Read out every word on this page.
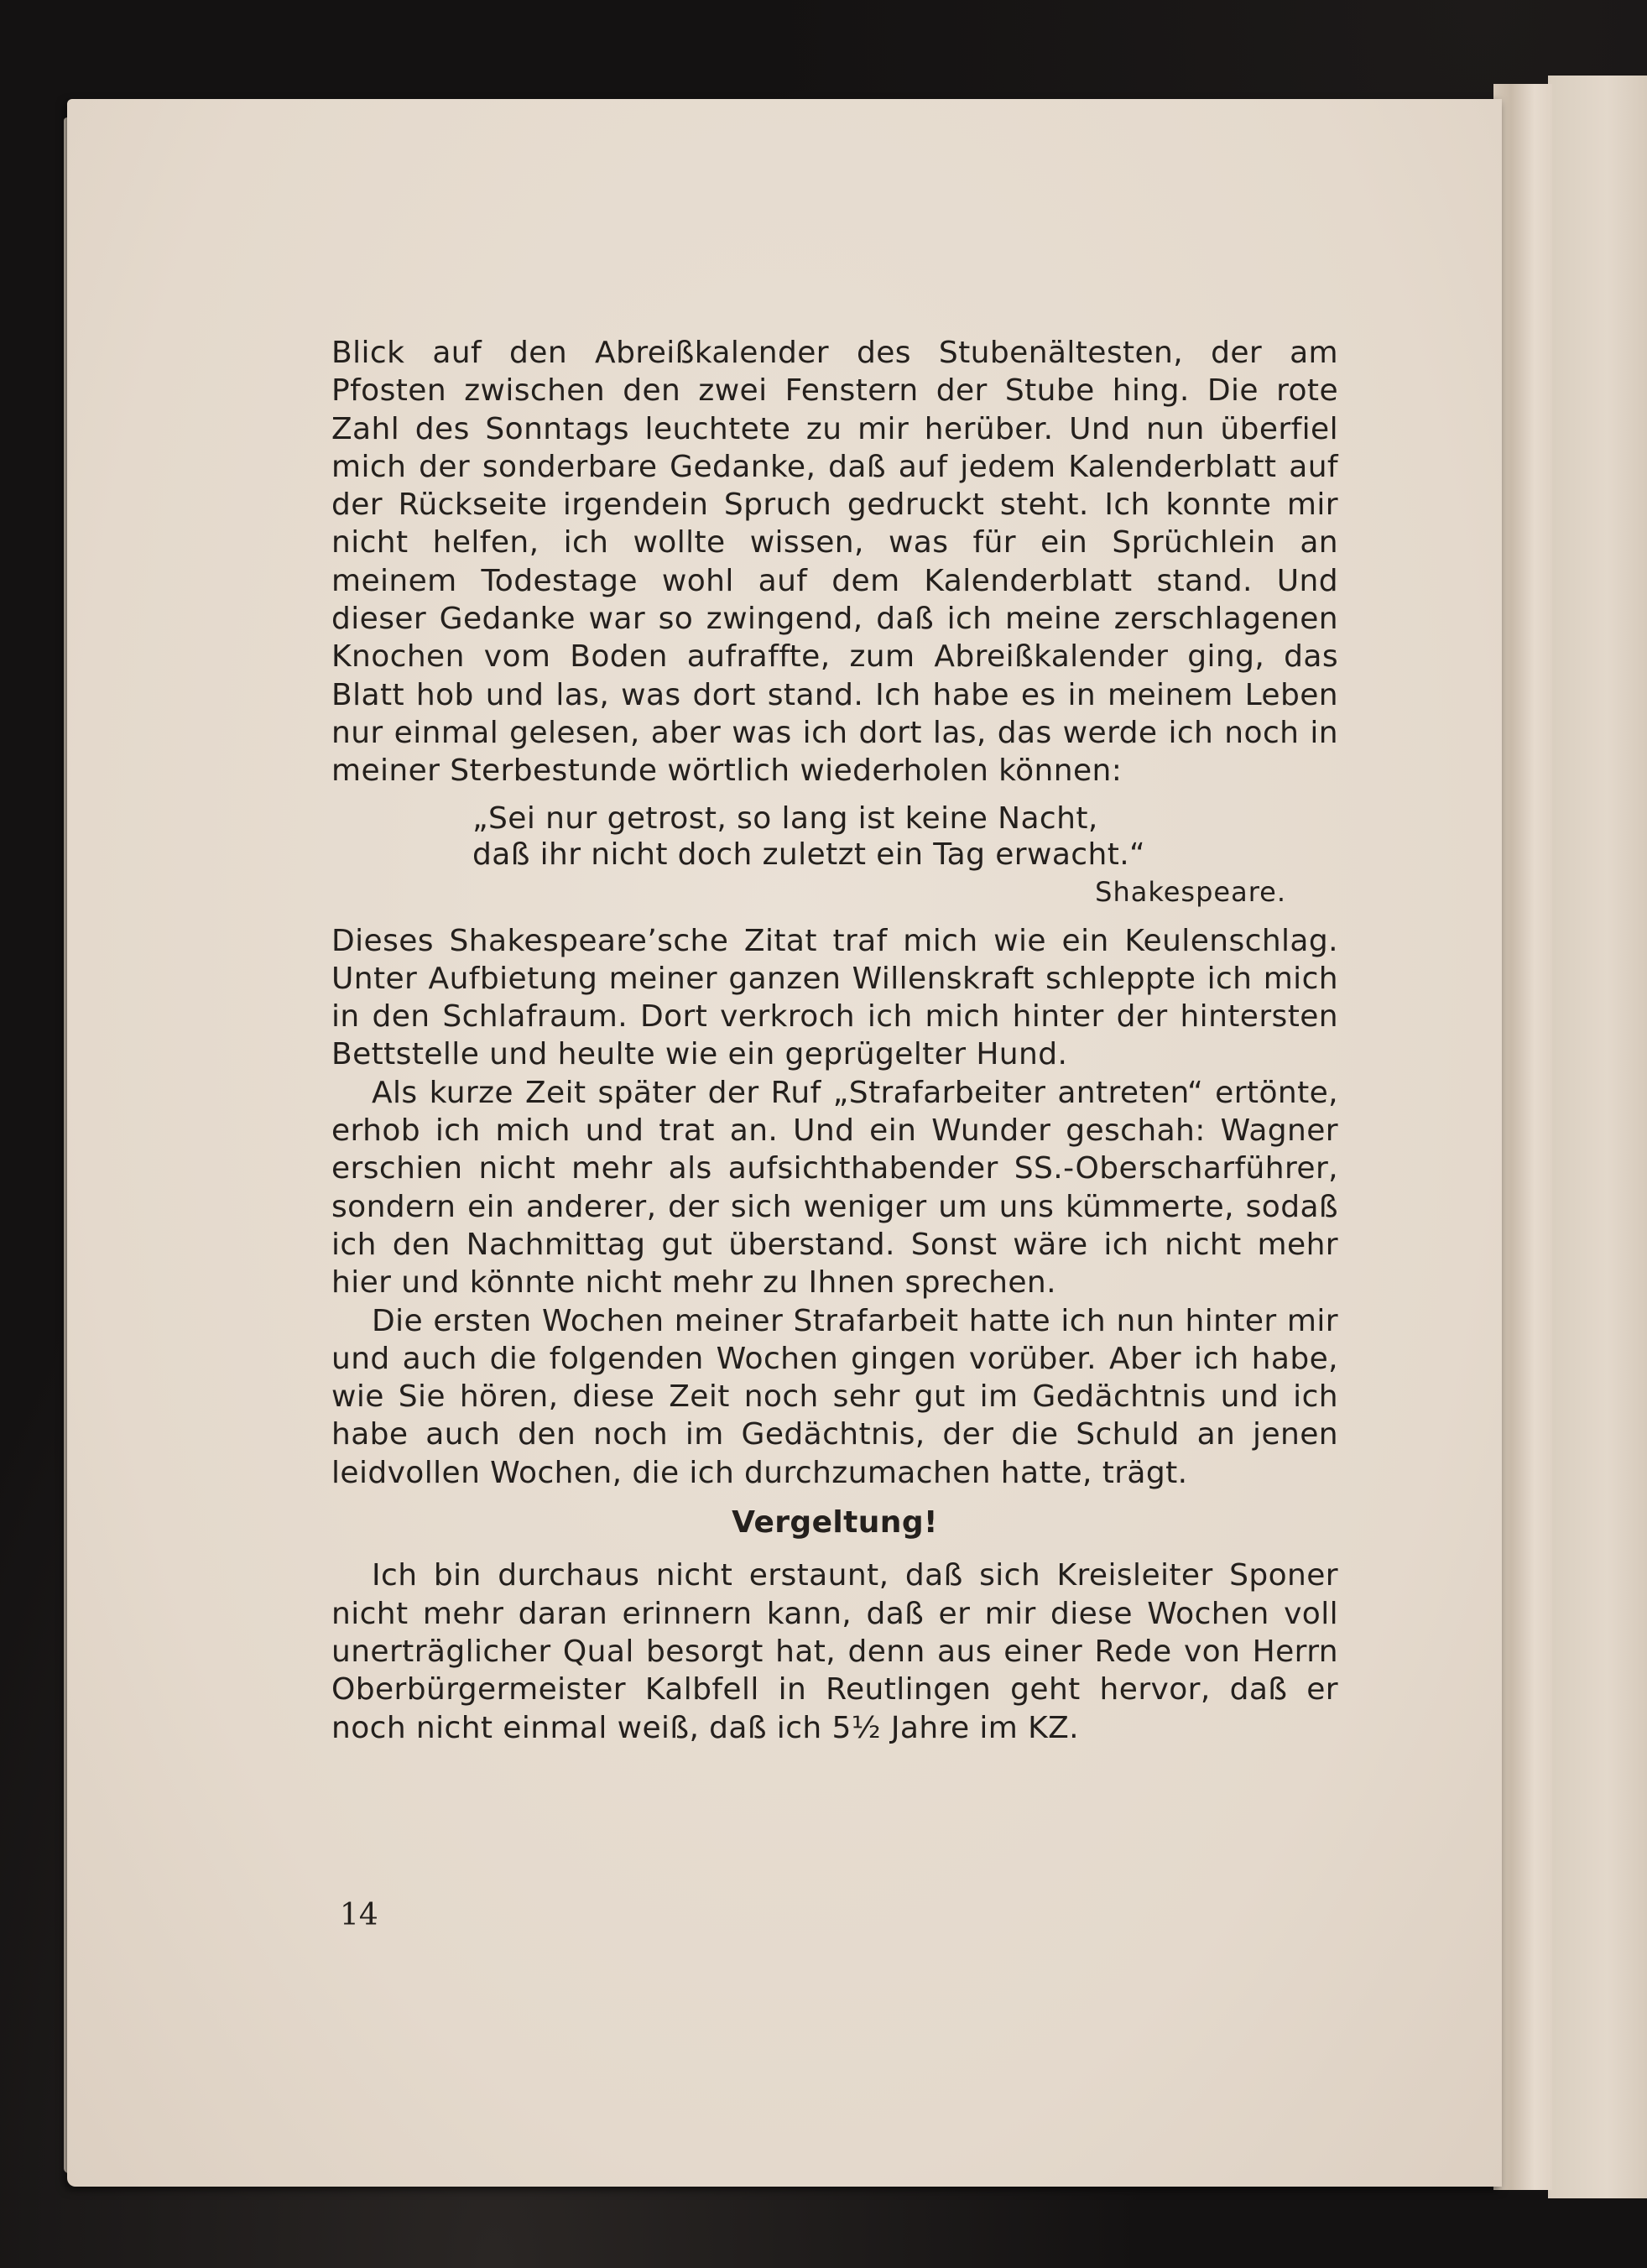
Blick auf den Abreißkalender des Stubenältesten, der am Pfosten zwischen den zwei Fenstern der Stube hing. Die rote Zahl des Sonntags leuchtete zu mir herüber. Und nun überfiel mich der sonderbare Gedanke, daß auf jedem Kalenderblatt auf der Rückseite irgendein Spruch gedruckt steht. Ich konnte mir nicht helfen, ich wollte wissen, was für ein Sprüchlein an meinem Todestage wohl auf dem Kalenderblatt stand. Und dieser Gedanke war so zwingend, daß ich meine zerschlagenen Knochen vom Boden aufraffte, zum Abreißkalender ging, das Blatt hob und las, was dort stand. Ich habe es in meinem Leben nur einmal gelesen, aber was ich dort las, das werde ich noch in meiner Sterbestunde wörtlich wiederholen können:

„Sei nur getrost, so lang ist keine Nacht,
daß ihr nicht doch zuletzt ein Tag erwacht.“
Shakespeare.

Dieses Shakespeare’sche Zitat traf mich wie ein Keulenschlag. Unter Aufbietung meiner ganzen Willenskraft schleppte ich mich in den Schlafraum. Dort verkroch ich mich hinter der hintersten Bettstelle und heulte wie ein geprügelter Hund.

Als kurze Zeit später der Ruf „Strafarbeiter antreten“ ertönte, erhob ich mich und trat an. Und ein Wunder geschah: Wagner erschien nicht mehr als aufsichthabender SS.-Oberscharführer, sondern ein anderer, der sich weniger um uns kümmerte, sodaß ich den Nachmittag gut überstand. Sonst wäre ich nicht mehr hier und könnte nicht mehr zu Ihnen sprechen.

Die ersten Wochen meiner Strafarbeit hatte ich nun hinter mir und auch die folgenden Wochen gingen vorüber. Aber ich habe, wie Sie hören, diese Zeit noch sehr gut im Gedächtnis und ich habe auch den noch im Gedächtnis, der die Schuld an jenen leidvollen Wochen, die ich durchzumachen hatte, trägt.

Vergeltung!

Ich bin durchaus nicht erstaunt, daß sich Kreisleiter Sponer nicht mehr daran erinnern kann, daß er mir diese Wochen voll unerträglicher Qual besorgt hat, denn aus einer Rede von Herrn Oberbürgermeister Kalbfell in Reutlingen geht hervor, daß er noch nicht einmal weiß, daß ich 5½ Jahre im KZ.

14
